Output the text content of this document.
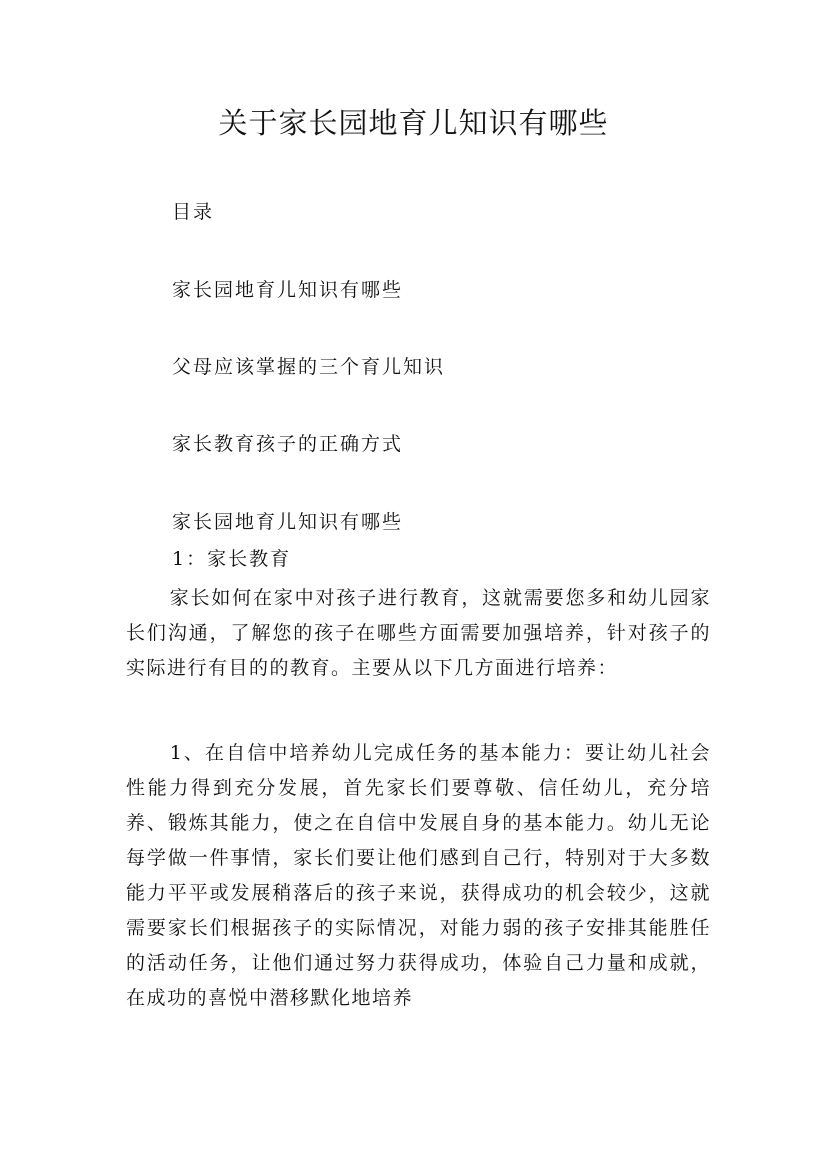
关于家长园地育儿知识有哪些
目录
家长园地育儿知识有哪些
父母应该掌握的三个育儿知识
家长教育孩子的正确方式
家长园地育儿知识有哪些
1：家长教育

家长如何在家中对孩子进行教育，这就需要您多和幼儿园家长们沟通，了解您的孩子在哪些方面需要加强培养，针对孩子的实际进行有目的的教育。主要从以下几方面进行培养：

1、在自信中培养幼儿完成任务的基本能力：要让幼儿社会性能力得到充分发展，首先家长们要尊敬、信任幼儿，充分培养、锻炼其能力，使之在自信中发展自身的基本能力。幼儿无论每学做一件事情，家长们要让他们感到自己行，特别对于大多数能力平平或发展稍落后的孩子来说，获得成功的机会较少，这就需要家长们根据孩子的实际情况，对能力弱的孩子安排其能胜任的活动任务，让他们通过努力获得成功，体验自己力量和成就，在成功的喜悦中潜移默化地培养
